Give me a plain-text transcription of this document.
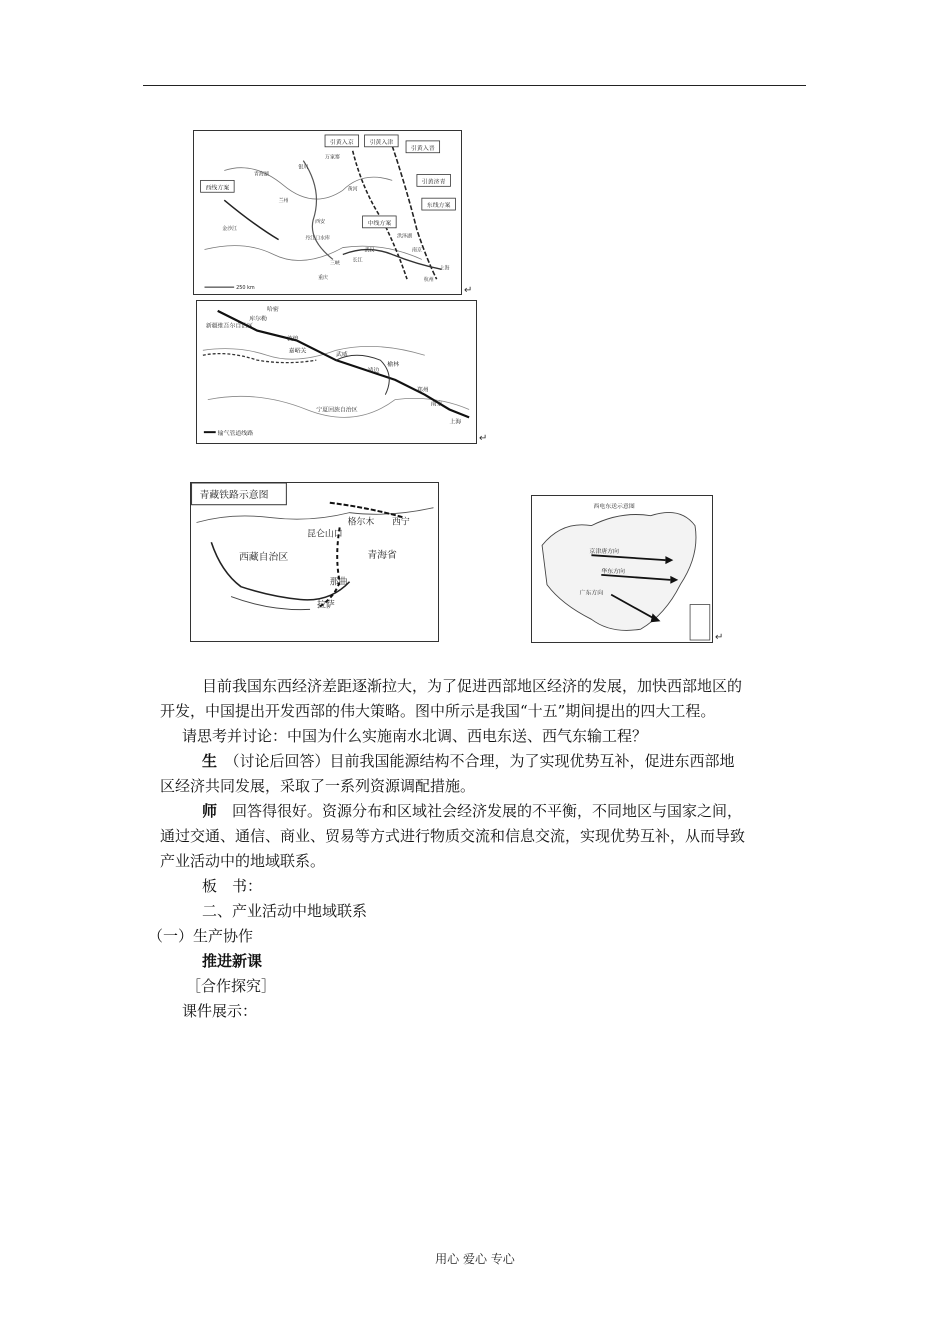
引黄入京	引黄入津
引黄入晋
引黄济青
东线方案
西线方案
中线方案
青海湖
银川
万家寨
兰州
西安
丹江口水库
武汉
三峡
重庆
洪泽湖
南京
上海
杭州
黄河
长江
金沙江
250 km	↵
哈密
库尔勒
新疆维吾尔自治区
敦煌
嘉峪关
武威
靖边
榆林
郑州
南京
上海
宁夏回族自治区
输气管道线路	↵
青藏铁路示意图
格尔木 西宁
昆仑山口
青海省
西藏自治区
那曲
拉萨
西电东送示意图
京津唐方向
华东方向
广东方向
↵
目前我国东西经济差距逐渐拉大，为了促进西部地区经济的发展，加快西部地区的
开发，中国提出开发西部的伟大策略。图中所示是我国“十五”期间提出的四大工程。
请思考并讨论：中国为什么实施南水北调、西电东送、西气东输工程？
生　 （讨论后回答）目前我国能源结构不合理，为了实现优势互补，促进东西部地
区经济共同发展，采取了一系列资源调配措施。
师　 回答得很好。资源分布和区域社会经济发展的不平衡，不同地区与国家之间，
通过交通、通信、商业、贸易等方式进行物质交流和信息交流，实现优势互补，从而导致
产业活动中的地域联系。
板　书：
二、产业活动中地域联系
（一）生产协作
推进新课
［合作探究］
课件展示：
用心 爱心 专心
